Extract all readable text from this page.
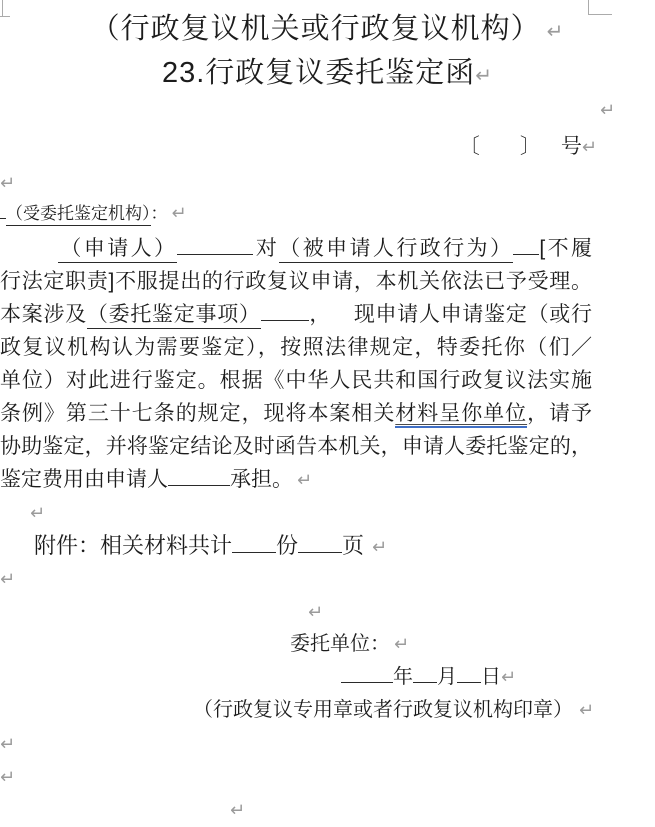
（行政复议机关或行政复议机构） ↵
23.行政复议委托鉴定函↵
↵
〔 〕 号↵
↵
（受委托鉴定机构）： ↵
（申请人）	对（被申请人行政行为） [不履
行法定职责]不服提出的行政复议申请，本机关依法已予受理。
本案涉及（委托鉴定事项） ， 现申请人申请鉴定（或行
政复议机构认为需要鉴定），按照法律规定，特委托你（们／
单位）对此进行鉴定。根据《中华人民共和国行政复议法实施
条例》第三十七条的规定，现将本案相关材料呈你单位，请予
协助鉴定，并将鉴定结论及时函告本机关，申请人委托鉴定的，
鉴定费用由申请人	承担。 ↵
↵
附件：相关材料共计 份 页 ↵
↵
↵
委托单位： ↵
年 月 日↵
（行政复议专用章或者行政复议机构印章） ↵
↵
↵
↵
